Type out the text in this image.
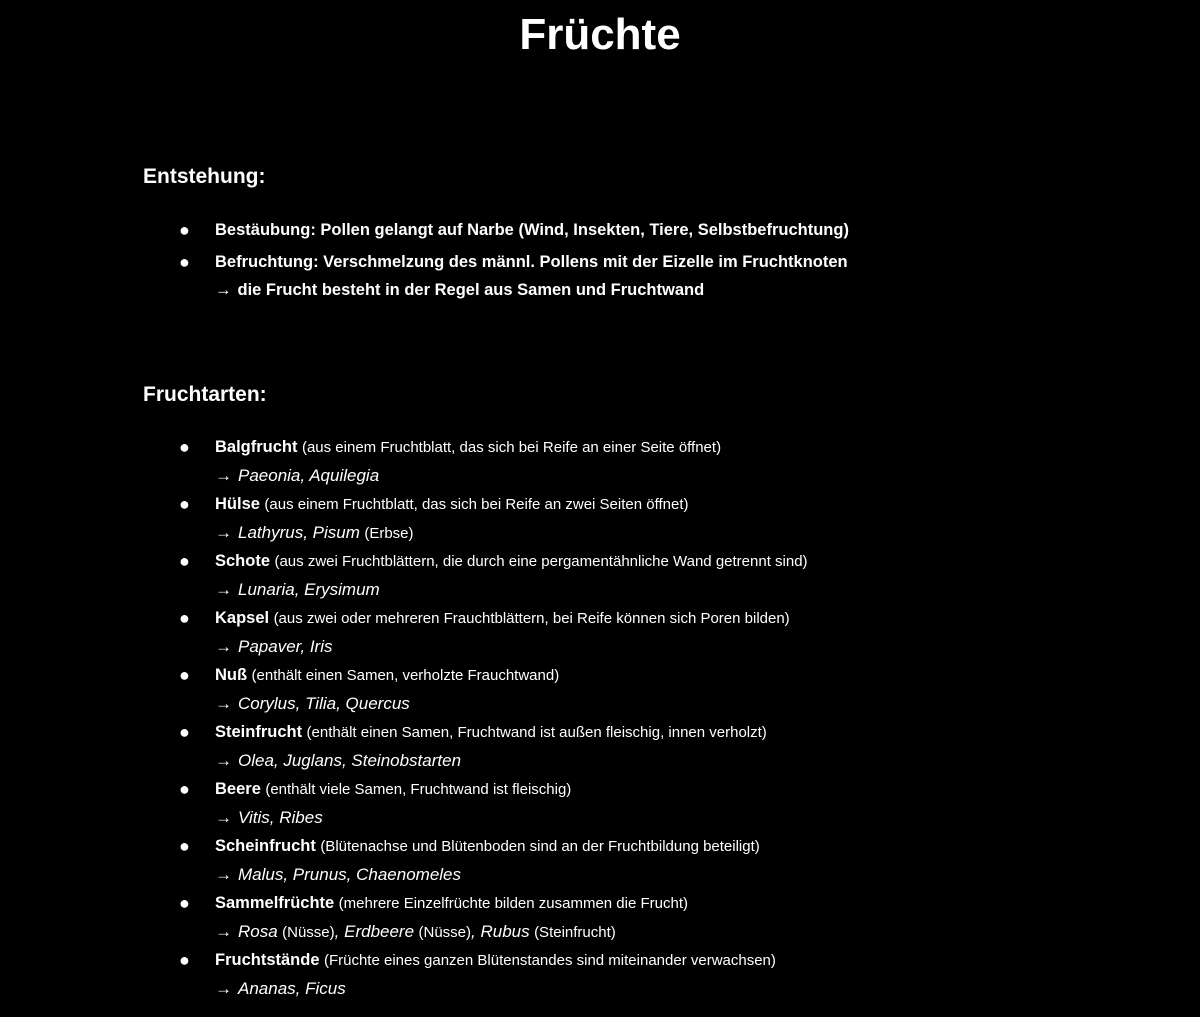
Früchte
Entstehung:
● Bestäubung: Pollen gelangt auf Narbe (Wind, Insekten, Tiere, Selbstbefruchtung)
● Befruchtung: Verschmelzung des männl. Pollens mit der Eizelle im Fruchtknoten
→ die Frucht besteht in der Regel aus Samen und Fruchtwand
Fruchtarten:
● Balgfrucht (aus einem Fruchtblatt, das sich bei Reife an einer Seite öffnet)
→ Paeonia, Aquilegia
● Hülse (aus einem Fruchtblatt, das sich bei Reife an zwei Seiten öffnet)
→ Lathyrus, Pisum (Erbse)
● Schote (aus zwei Fruchtblättern, die durch eine pergamentähnliche Wand getrennt sind)
→ Lunaria, Erysimum
● Kapsel (aus zwei oder mehreren Frauchtblättern, bei Reife können sich Poren bilden)
→ Papaver, Iris
● Nuß (enthält einen Samen, verholzte Frauchtwand)
→ Corylus, Tilia, Quercus
● Steinfrucht (enthält einen Samen, Fruchtwand ist außen fleischig, innen verholzt)
→ Olea, Juglans, Steinobstarten
● Beere (enthält viele Samen, Fruchtwand ist fleischig)
→ Vitis, Ribes
● Scheinfrucht (Blütenachse und Blütenboden sind an der Fruchtbildung beteiligt)
→ Malus, Prunus, Chaenomeles
● Sammelfrüchte (mehrere Einzelfrüchte bilden zusammen die Frucht)
→ Rosa (Nüsse), Erdbeere (Nüsse), Rubus (Steinfrucht)
● Fruchtstände (Früchte eines ganzen Blütenstandes sind miteinander verwachsen)
→ Ananas, Ficus
